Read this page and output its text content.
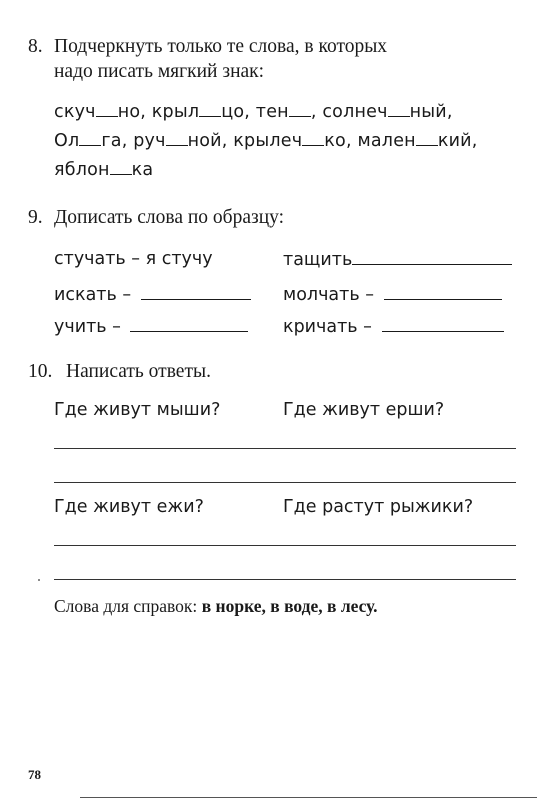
8. Подчеркнуть только те слова, в которых
надо писать мягкий знак:
скуч но, крыл цо, тен , солнеч ный,
Ол га, руч ной, крылеч ко, мален кий,
яблон ка
9. Дописать слова по образцу:
стучать – я стучу
искать –
учить –
тащить
молчать –
кричать –
10. Написать ответы.
Где живут мыши?	Где живут ерши?
Где живут ежи?	Где растут рыжики?
Слова для справок: в норке, в воде, в лесу.
78
